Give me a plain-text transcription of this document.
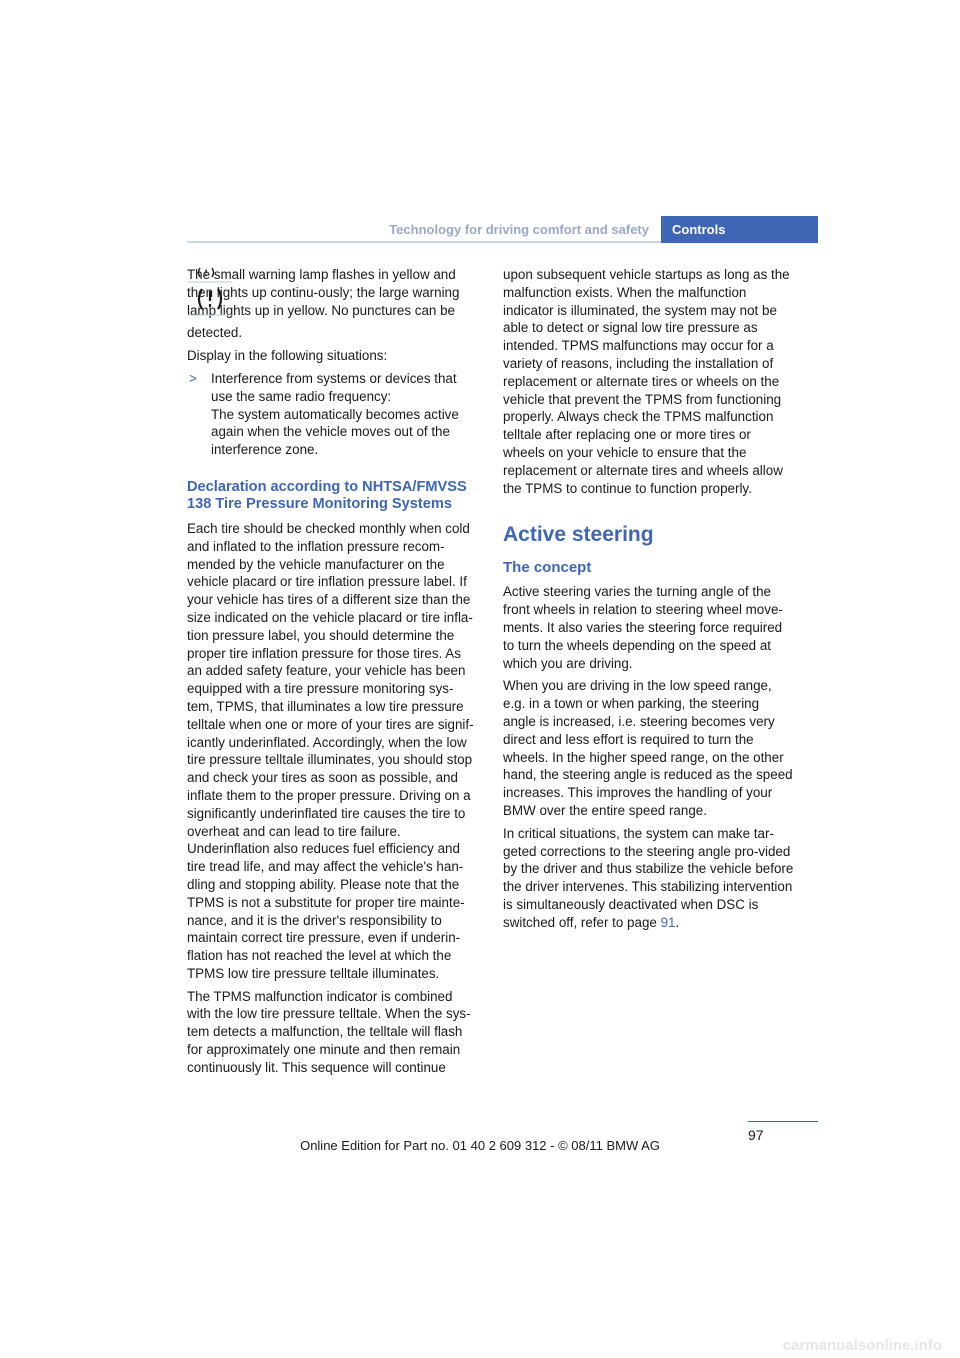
Technology for driving comfort and safety	Controls

The small warning lamp flashes in yellow and then lights up continu-ously; the large warning lamp lights up in yellow. No punctures can be

detected.

Display in the following situations:

> Interference from systems or devices that use the same radio frequency:

The system automatically becomes active again when the vehicle moves out of the interference zone.

Declaration according to NHTSA/FMVSS 138 Tire Pressure Monitoring Systems

Each tire should be checked monthly when cold and inflated to the inflation pressure recom-mended by the vehicle manufacturer on the vehicle placard or tire inflation pressure label. If your vehicle has tires of a different size than the size indicated on the vehicle placard or tire infla-tion pressure label, you should determine the proper tire inflation pressure for those tires. As an added safety feature, your vehicle has been equipped with a tire pressure monitoring sys-tem, TPMS, that illuminates a low tire pressure telltale when one or more of your tires are signif-icantly underinflated. Accordingly, when the low tire pressure telltale illuminates, you should stop and check your tires as soon as possible, and inflate them to the proper pressure. Driving on a significantly underinflated tire causes the tire to overheat and can lead to tire failure. Underinflation also reduces fuel efficiency and tire tread life, and may affect the vehicle's han-dling and stopping ability. Please note that the TPMS is not a substitute for proper tire mainte-nance, and it is the driver's responsibility to maintain correct tire pressure, even if underin-flation has not reached the level at which the TPMS low tire pressure telltale illuminates.

The TPMS malfunction indicator is combined with the low tire pressure telltale. When the sys-tem detects a malfunction, the telltale will flash for approximately one minute and then remain continuously lit. This sequence will continue

upon subsequent vehicle startups as long as the malfunction exists. When the malfunction indicator is illuminated, the system may not be able to detect or signal low tire pressure as intended. TPMS malfunctions may occur for a variety of reasons, including the installation of replacement or alternate tires or wheels on the vehicle that prevent the TPMS from functioning properly. Always check the TPMS malfunction telltale after replacing one or more tires or wheels on your vehicle to ensure that the replacement or alternate tires and wheels allow the TPMS to continue to function properly.

Active steering
The concept

Active steering varies the turning angle of the front wheels in relation to steering wheel move-ments. It also varies the steering force required to turn the wheels depending on the speed at which you are driving.

When you are driving in the low speed range, e.g. in a town or when parking, the steering angle is increased, i.e. steering becomes very direct and less effort is required to turn the wheels. In the higher speed range, on the other hand, the steering angle is reduced as the speed increases. This improves the handling of your BMW over the entire speed range.

In critical situations, the system can make tar-geted corrections to the steering angle pro-vided by the driver and thus stabilize the vehicle before the driver intervenes. This stabilizing intervention is simultaneously deactivated when DSC is switched off, refer to page 91.

97
Online Edition for Part no. 01 40 2 609 312 - © 08/11 BMW AG
carmanualsonline.info
